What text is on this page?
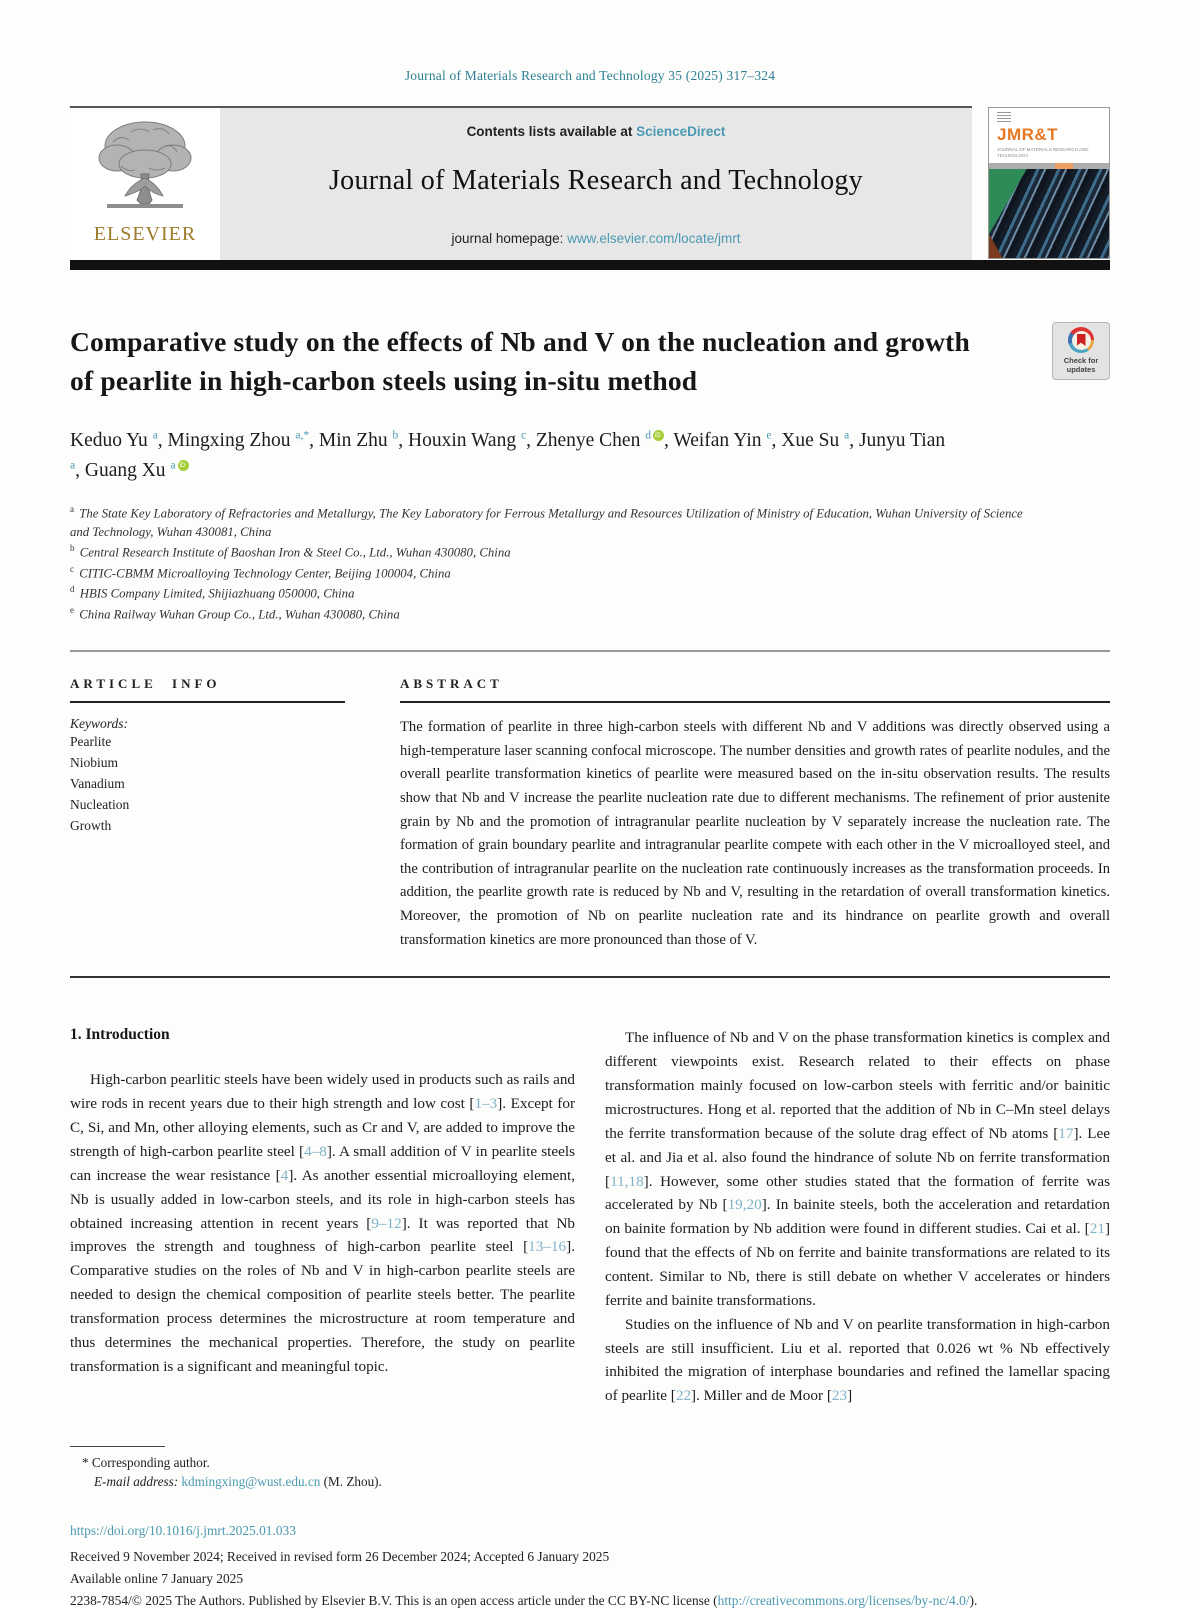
Journal of Materials Research and Technology 35 (2025) 317–324
ELSEVIER
Contents lists available at ScienceDirect
Journal of Materials Research and Technology
journal homepage: www.elsevier.com/locate/jmrt
JMR&T
JOURNAL OF MATERIALS RESEARCH AND TECHNOLOGY
Comparative study on the effects of Nb and V on the nucleation and growth of pearlite in high-carbon steels using in-situ method
Check for
updates
Keduo Yu $^a$, Mingxing Zhou $^{a,*}$, Min Zhu $^b$, Houxin Wang $^c$, Zhenye Chen $^d$ iD , Weifan Yin $^e$, Xue Su $^a$, Junyu Tian $^a$, Guang Xu $^a$iD
$^a$ The State Key Laboratory of Refractories and Metallurgy, The Key Laboratory for Ferrous Metallurgy and Resources Utilization of Ministry of Education, Wuhan University of Science and Technology, Wuhan 430081, China
$^b$ Central Research Institute of Baoshan Iron & Steel Co., Ltd., Wuhan 430080, China
$^c$ CITIC-CBMM Microalloying Technology Center, Beijing 100004, China
$^d$ HBIS Company Limited, Shijiazhuang 050000, China
$^e$ China Railway Wuhan Group Co., Ltd., Wuhan 430080, China
ARTICLE INFO
Keywords:
Pearlite
Niobium
Vanadium
Nucleation
Growth
ABSTRACT
The formation of pearlite in three high-carbon steels with different Nb and V additions was directly observed using a high-temperature laser scanning confocal microscope. The number densities and growth rates of pearlite nodules, and the overall pearlite transformation kinetics of pearlite were measured based on the in-situ observation results. The results show that Nb and V increase the pearlite nucleation rate due to different mechanisms. The refinement of prior austenite grain by Nb and the promotion of intragranular pearlite nucleation by V separately increase the nucleation rate. The formation of grain boundary pearlite and intragranular pearlite compete with each other in the V microalloyed steel, and the contribution of intragranular pearlite on the nucleation rate continuously increases as the transformation proceeds. In addition, the pearlite growth rate is reduced by Nb and V, resulting in the retardation of overall transformation kinetics. Moreover, the promotion of Nb on pearlite nucleation rate and its hindrance on pearlite growth and overall transformation kinetics are more pronounced than those of V.
1. Introduction

High-carbon pearlitic steels have been widely used in products such as rails and wire rods in recent years due to their high strength and low cost [1–3]. Except for C, Si, and Mn, other alloying elements, such as Cr and V, are added to improve the strength of high-carbon pearlite steel [4–8]. A small addition of V in pearlite steels can increase the wear resistance [4]. As another essential microalloying element, Nb is usually added in low-carbon steels, and its role in high-carbon steels has obtained increasing attention in recent years [9–12]. It was reported that Nb improves the strength and toughness of high-carbon pearlite steel [13–16]. Comparative studies on the roles of Nb and V in high-carbon pearlite steels are needed to design the chemical composition of pearlite steels better. The pearlite transformation process determines the microstructure at room temperature and thus determines the mechanical properties. Therefore, the study on pearlite transformation is a significant and meaningful topic.

The influence of Nb and V on the phase transformation kinetics is complex and different viewpoints exist. Research related to their effects on phase transformation mainly focused on low-carbon steels with ferritic and/or bainitic microstructures. Hong et al. reported that the addition of Nb in C–Mn steel delays the ferrite transformation because of the solute drag effect of Nb atoms [17]. Lee et al. and Jia et al. also found the hindrance of solute Nb on ferrite transformation [11,18]. However, some other studies stated that the formation of ferrite was accelerated by Nb [19,20]. In bainite steels, both the acceleration and retardation on bainite formation by Nb addition were found in different studies. Cai et al. [21] found that the effects of Nb on ferrite and bainite transformations are related to its content. Similar to Nb, there is still debate on whether V accelerates or hinders ferrite and bainite transformations.

Studies on the influence of Nb and V on pearlite transformation in high-carbon steels are still insufficient. Liu et al. reported that 0.026 wt % Nb effectively inhibited the migration of interphase boundaries and refined the lamellar spacing of pearlite [22]. Miller and de Moor [23]

* Corresponding author.
E-mail address: kdmingxing@wust.edu.cn (M. Zhou).
https://doi.org/10.1016/j.jmrt.2025.01.033
Received 9 November 2024; Received in revised form 26 December 2024; Accepted 6 January 2025
Available online 7 January 2025
2238-7854/© 2025 The Authors. Published by Elsevier B.V. This is an open access article under the CC BY-NC license (http://creativecommons.org/licenses/by-nc/4.0/).
